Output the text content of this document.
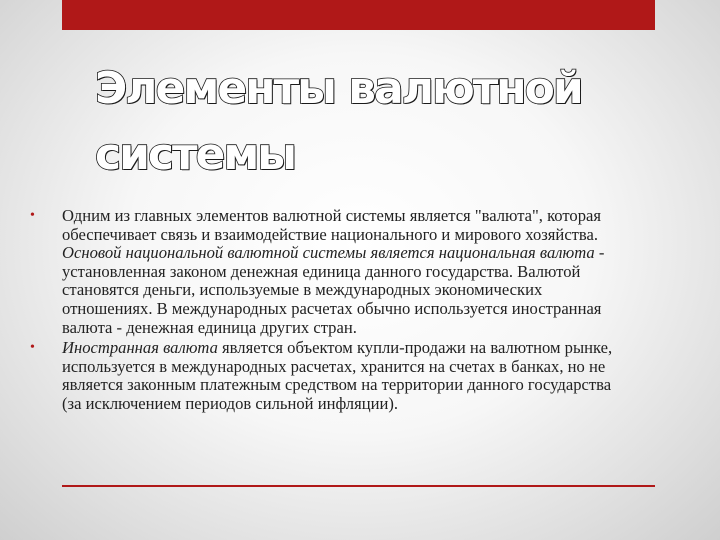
Элементы валютной
системы
• Одним из главных элементов валютной системы является "валюта", которая обеспечивает связь и взаимодействие национального и мирового хозяйства. Основой национальной валютной системы является национальная валюта - установленная законом денежная единица данного государства. Валютой становятся деньги, используемые в международных экономических отношениях. В международных расчетах обычно используется иностранная валюта - денежная единица других стран.
• Иностранная валюта является объектом купли-продажи на валютном рынке, используется в международных расчетах, хранится на счетах в банках, но не является законным платежным средством на территории данного государства (за исключением периодов сильной инфляции).
